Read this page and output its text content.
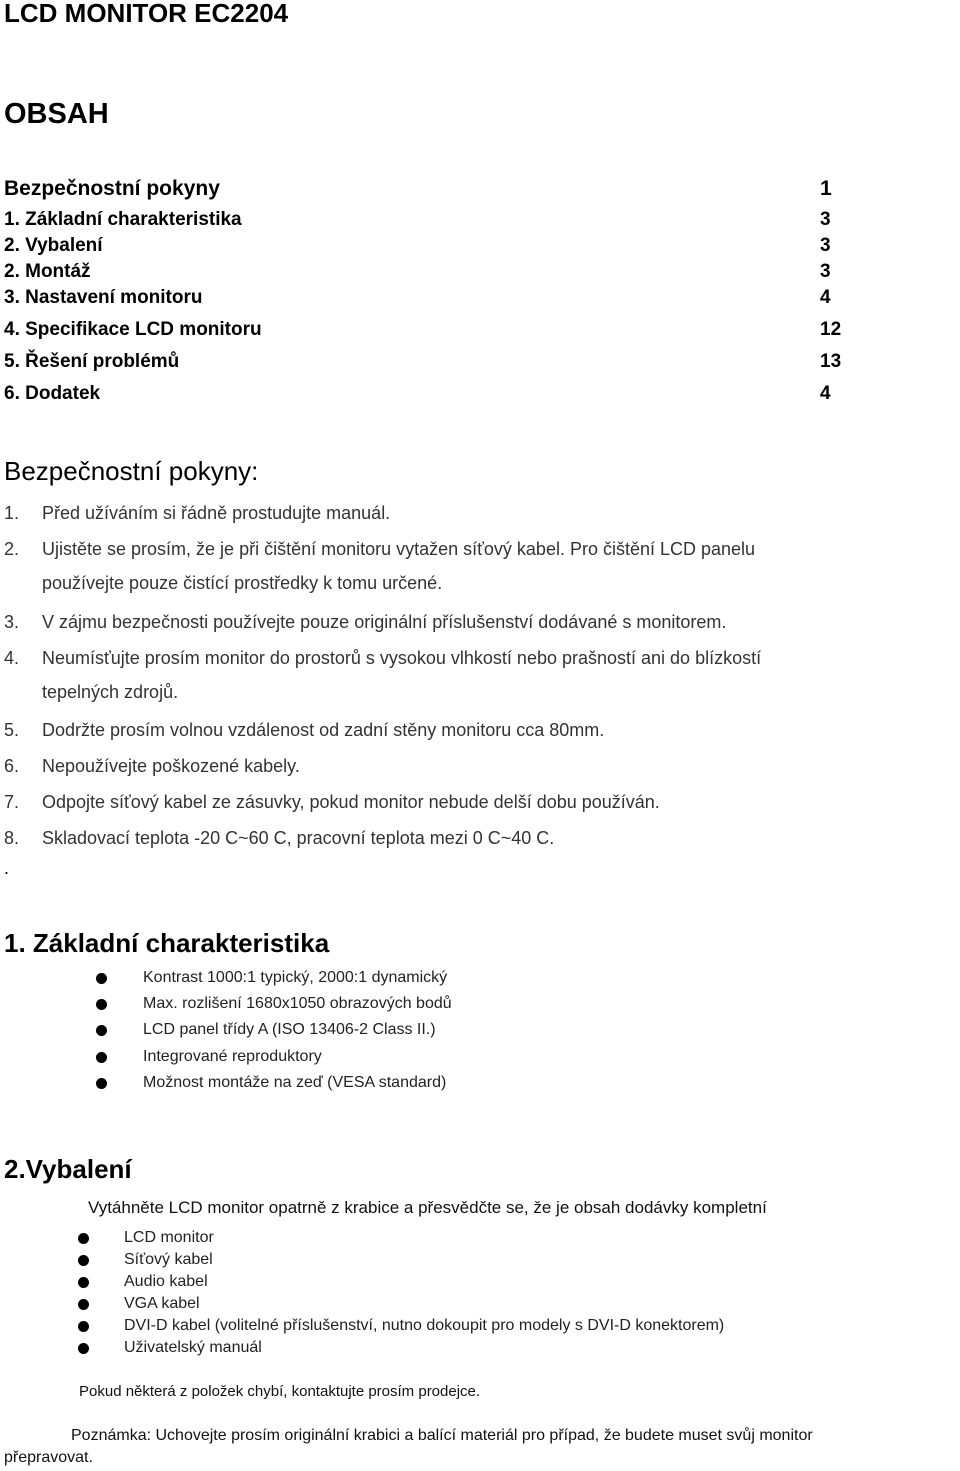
LCD MONITOR EC2204
OBSAH
Bezpečnostní pokyny	1
1. Základní charakteristika	3
2. Vybalení	3
2. Montáž	3
3. Nastavení monitoru	4
4. Specifikace LCD monitoru	12
5. Řešení problémů	13
6. Dodatek	4
Bezpečnostní pokyny:
1. Před užíváním si řádně prostudujte manuál.
2. Ujistěte se prosím, že je při čištění monitoru vytažen síťový kabel. Pro čištění LCD panelu
používejte pouze čistící prostředky k tomu určené.
3. V zájmu bezpečnosti používejte pouze originální příslušenství dodávané s monitorem.
4. Neumísťujte prosím monitor do prostorů s vysokou vlhkostí nebo prašností ani do blízkostí
tepelných zdrojů.
5. Dodržte prosím volnou vzdálenost od zadní stěny monitoru cca 80mm.
6. Nepoužívejte poškozené kabely.
7. Odpojte síťový kabel ze zásuvky, pokud monitor nebude delší dobu používán.
8. Skladovací teplota -20 C~60 C, pracovní teplota mezi 0 C~40 C.
.
1. Základní charakteristika
Kontrast 1000:1 typický, 2000:1 dynamický
Max. rozlišení 1680x1050 obrazových bodů
LCD panel třídy A (ISO 13406-2 Class II.)
Integrované reproduktory
Možnost montáže na zeď (VESA standard)
2.Vybalení
Vytáhněte LCD monitor opatrně z krabice a přesvědčte se, že je obsah dodávky kompletní
LCD monitor
Síťový kabel
Audio kabel
VGA kabel
DVI-D kabel (volitelné příslušenství, nutno dokoupit pro modely s DVI-D konektorem)
Uživatelský manuál
Pokud některá z položek chybí, kontaktujte prosím prodejce.
Poznámka: Uchovejte prosím originální krabici a balící materiál pro případ, že budete muset svůj monitor
přepravovat.
